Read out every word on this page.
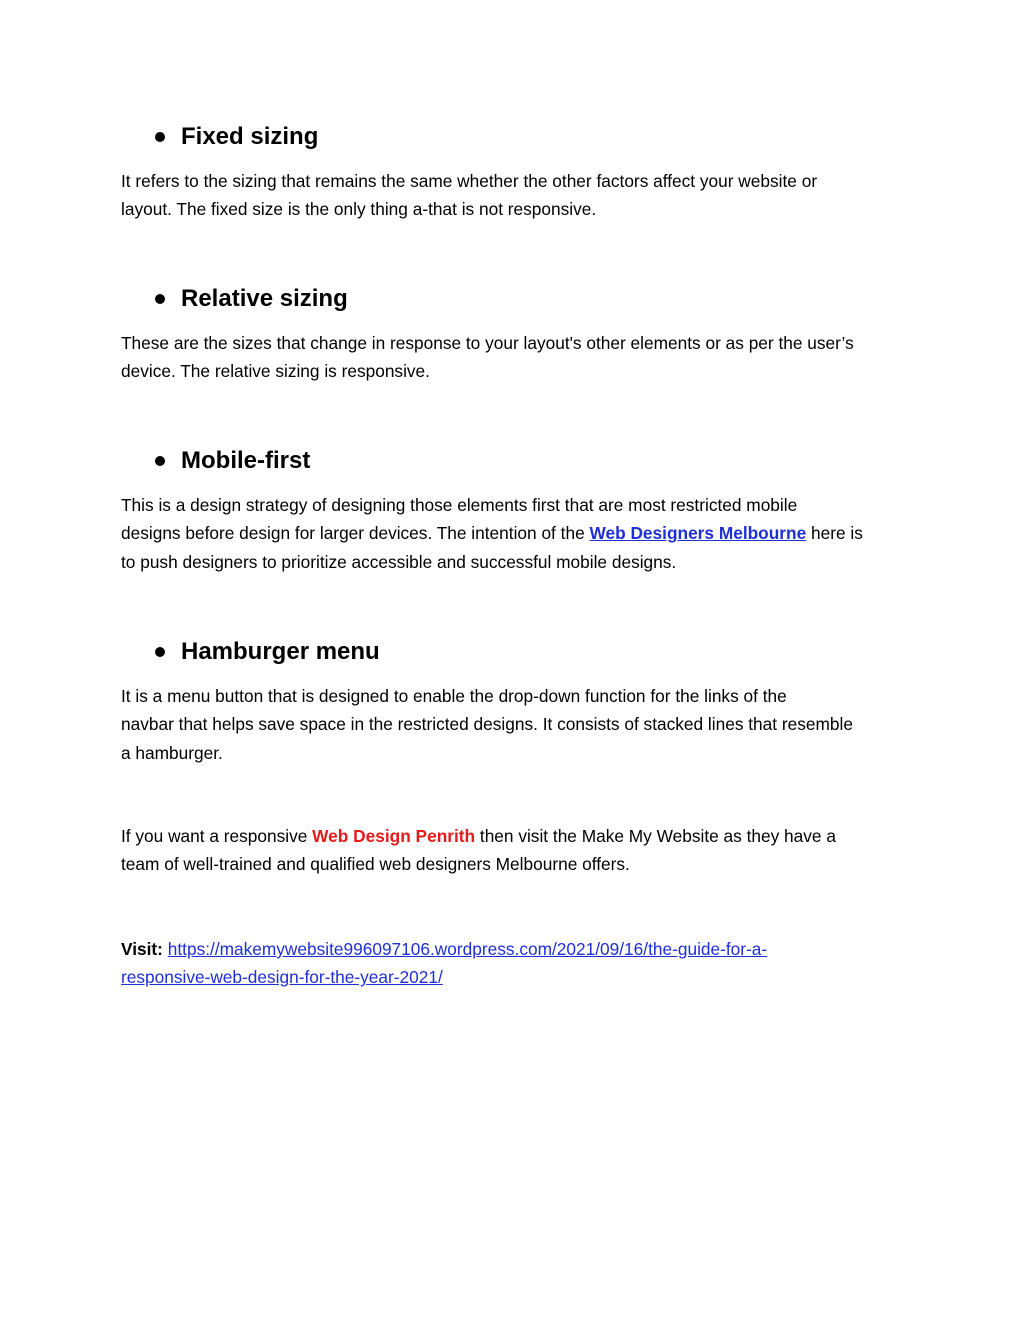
Fixed sizing

It refers to the sizing that remains the same whether the other factors affect your website or
layout. The fixed size is the only thing a-that is not responsive.

Relative sizing

These are the sizes that change in response to your layout's other elements or as per the user’s
device. The relative sizing is responsive.

Mobile-first

This is a design strategy of designing those elements first that are most restricted mobile
designs before design for larger devices. The intention of the Web Designers Melbourne here is
to push designers to prioritize accessible and successful mobile designs.

Hamburger menu

It is a menu button that is designed to enable the drop-down function for the links of the
navbar that helps save space in the restricted designs. It consists of stacked lines that resemble
a hamburger.

If you want a responsive Web Design Penrith then visit the Make My Website as they have a
team of well-trained and qualified web designers Melbourne offers.

Visit: https://makemywebsite996097106.wordpress.com/2021/09/16/the-guide-for-a-
responsive-web-design-for-the-year-2021/
